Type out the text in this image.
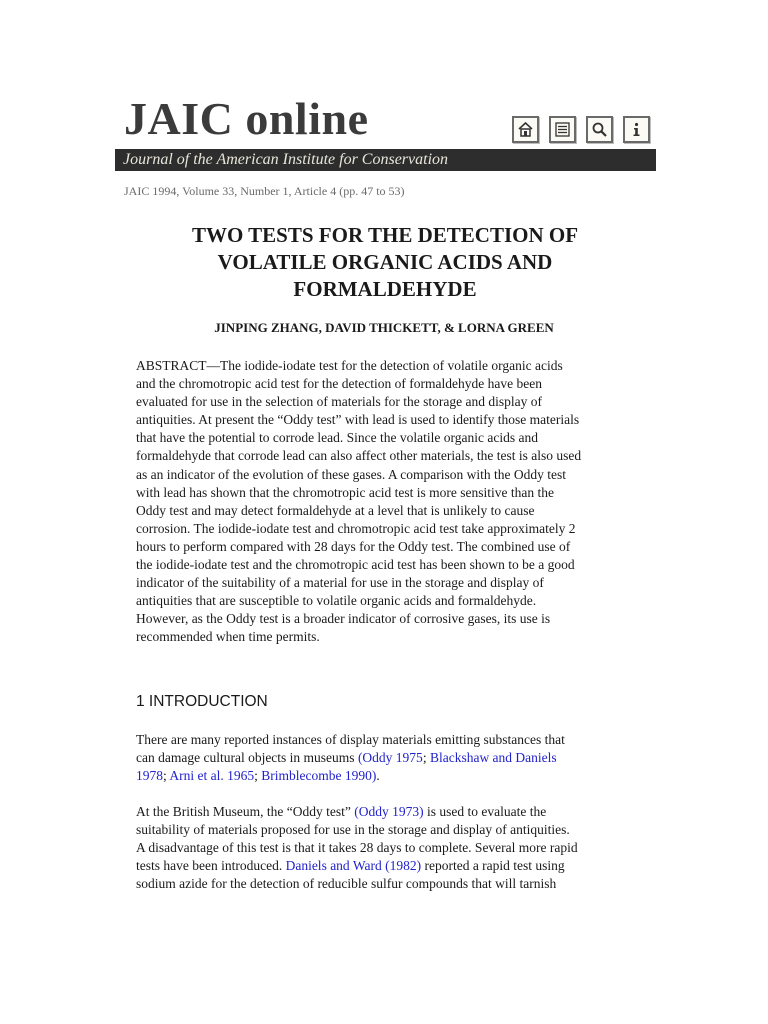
JAIC online
Journal of the American Institute for Conservation
JAIC 1994, Volume 33, Number 1, Article 4 (pp. 47 to 53)
TWO TESTS FOR THE DETECTION OF
VOLATILE ORGANIC ACIDS AND
FORMALDEHYDE

JINPING ZHANG, DAVID THICKETT, & LORNA GREEN

ABSTRACT—The iodide-iodate test for the detection of volatile organic acids
and the chromotropic acid test for the detection of formaldehyde have been
evaluated for use in the selection of materials for the storage and display of
antiquities. At present the “Oddy test” with lead is used to identify those materials
that have the potential to corrode lead. Since the volatile organic acids and
formaldehyde that corrode lead can also affect other materials, the test is also used
as an indicator of the evolution of these gases. A comparison with the Oddy test
with lead has shown that the chromotropic acid test is more sensitive than the
Oddy test and may detect formaldehyde at a level that is unlikely to cause
corrosion. The iodide-iodate test and chromotropic acid test take approximately 2
hours to perform compared with 28 days for the Oddy test. The combined use of
the iodide-iodate test and the chromotropic acid test has been shown to be a good
indicator of the suitability of a material for use in the storage and display of
antiquities that are susceptible to volatile organic acids and formaldehyde.
However, as the Oddy test is a broader indicator of corrosive gases, its use is
recommended when time permits.
1 INTRODUCTION
There are many reported instances of display materials emitting substances that
can damage cultural objects in museums (Oddy 1975; Blackshaw and Daniels
1978; Arni et al. 1965; Brimblecombe 1990).
At the British Museum, the “Oddy test” (Oddy 1973) is used to evaluate the
suitability of materials proposed for use in the storage and display of antiquities.
A disadvantage of this test is that it takes 28 days to complete. Several more rapid
tests have been introduced. Daniels and Ward (1982) reported a rapid test using
sodium azide for the detection of reducible sulfur compounds that will tarnish
